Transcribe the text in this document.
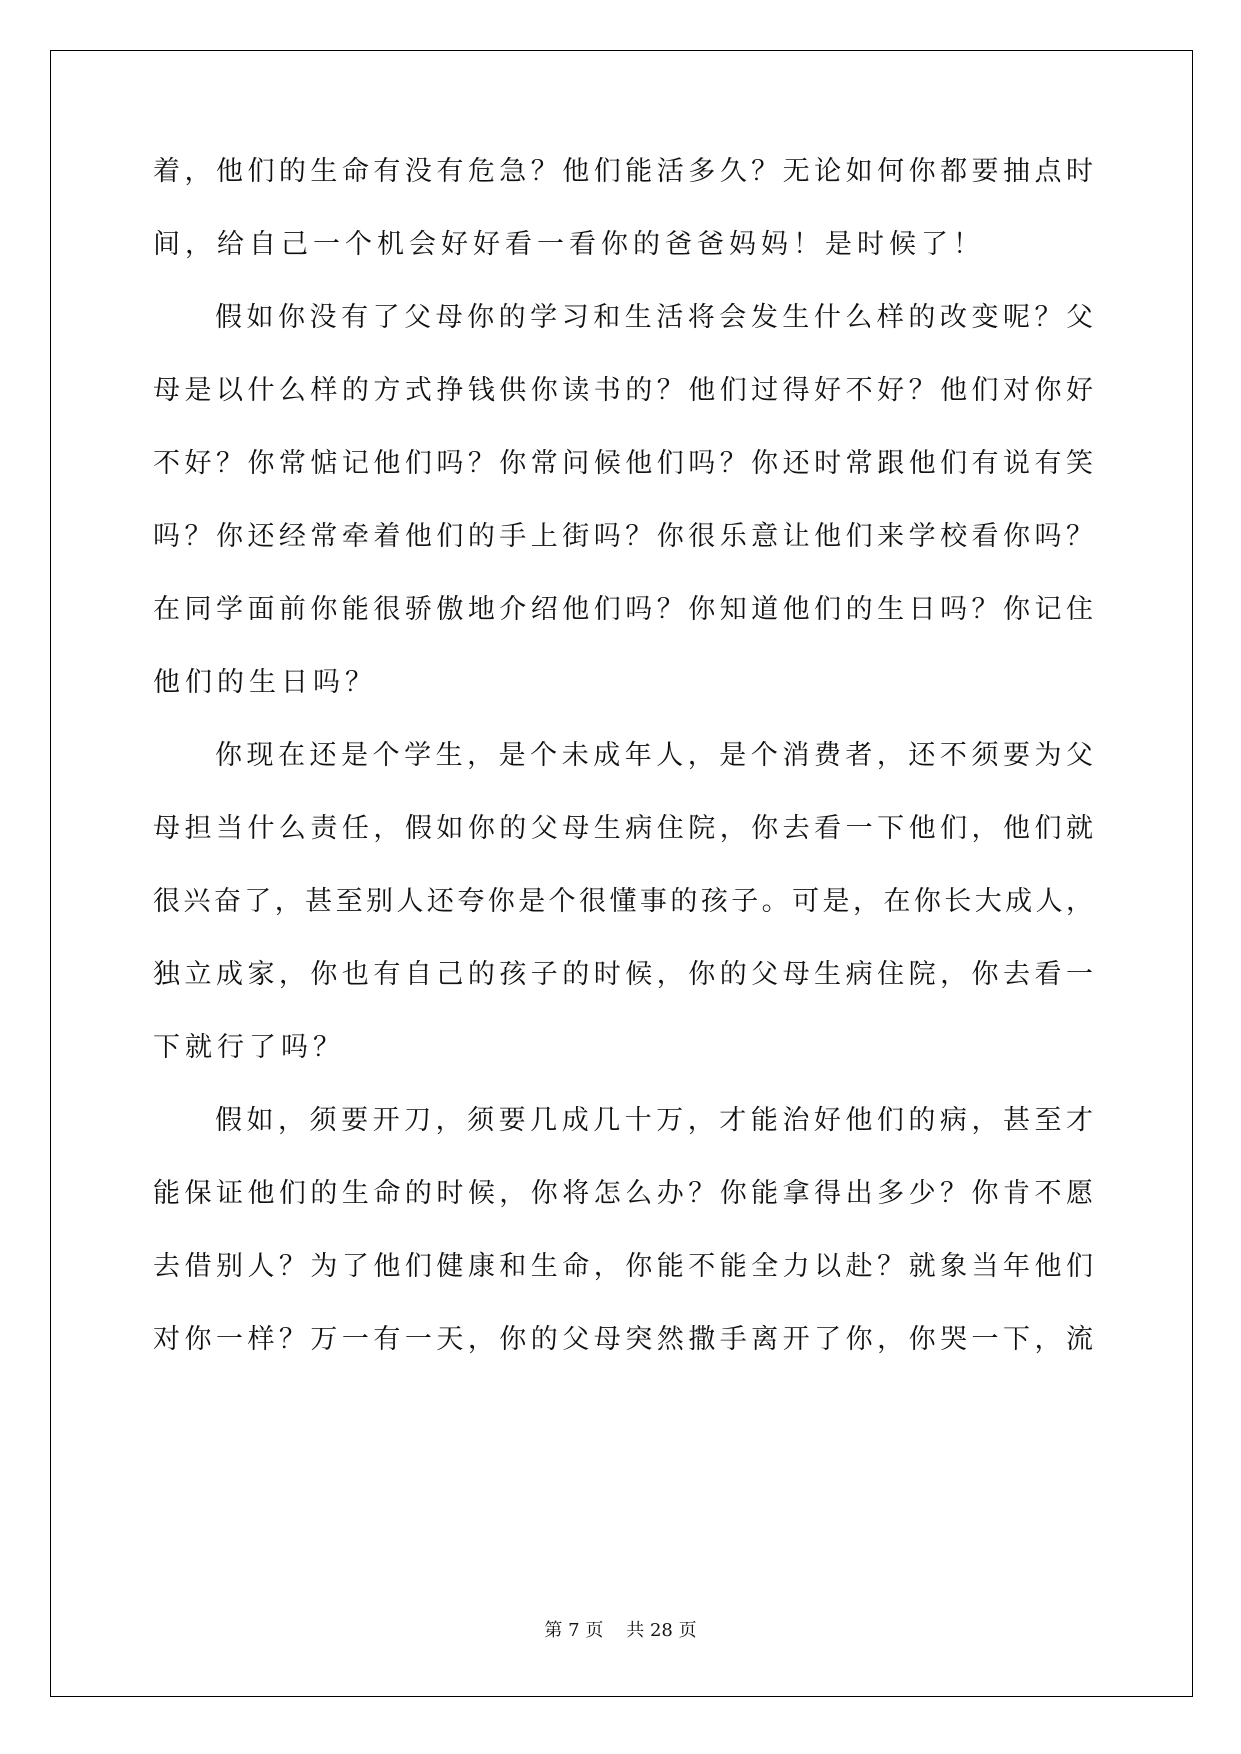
着，他们的生命有没有危急？他们能活多久？无论如何你都要抽点时
间，给自己一个机会好好看一看你的爸爸妈妈！是时候了！
假如你没有了父母你的学习和生活将会发生什么样的改变呢？父
母是以什么样的方式挣钱供你读书的？他们过得好不好？他们对你好
不好？你常惦记他们吗？你常问候他们吗？你还时常跟他们有说有笑
吗？你还经常牵着他们的手上街吗？你很乐意让他们来学校看你吗？
在同学面前你能很骄傲地介绍他们吗？你知道他们的生日吗？你记住
他们的生日吗？
你现在还是个学生，是个未成年人，是个消费者，还不须要为父
母担当什么责任，假如你的父母生病住院，你去看一下他们，他们就
很兴奋了，甚至别人还夸你是个很懂事的孩子。可是，在你长大成人，
独立成家，你也有自己的孩子的时候，你的父母生病住院，你去看一
下就行了吗？
假如，须要开刀，须要几成几十万，才能治好他们的病，甚至才
能保证他们的生命的时候，你将怎么办？你能拿得出多少？你肯不愿
去借别人？为了他们健康和生命，你能不能全力以赴？就象当年他们
对你一样？万一有一天，你的父母突然撒手离开了你，你哭一下，流
第 7 页 共 28 页
